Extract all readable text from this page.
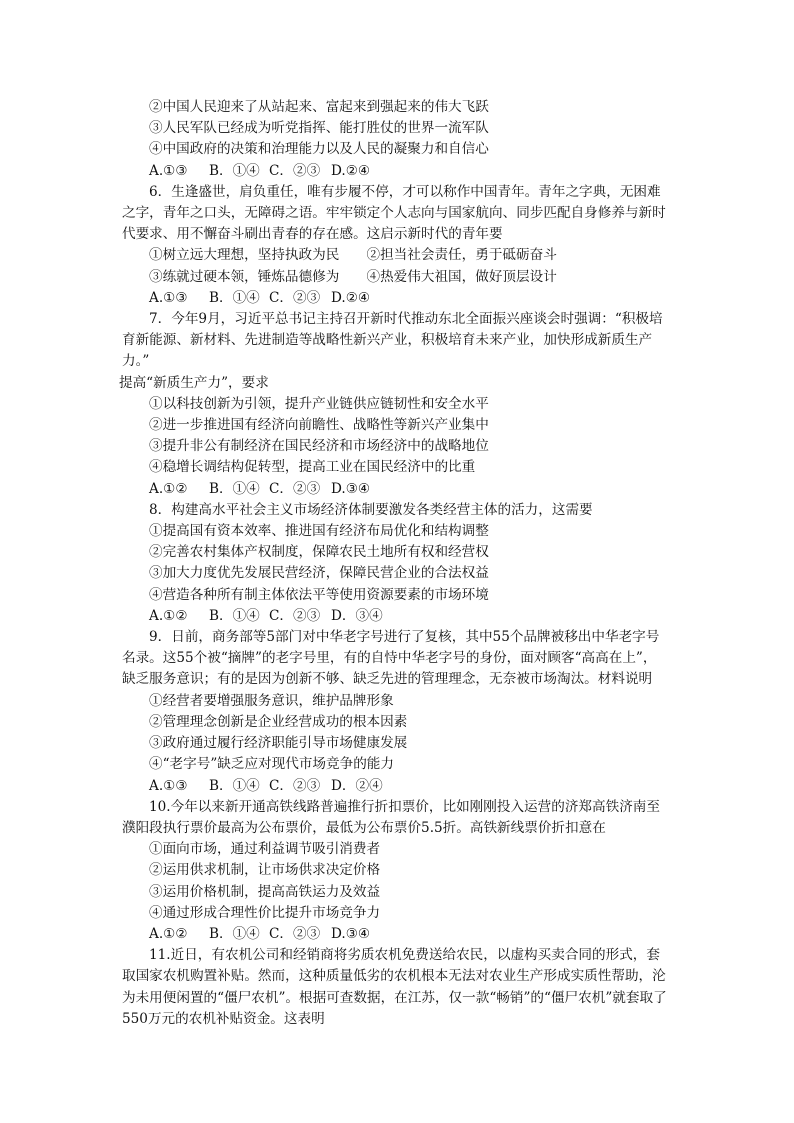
②中国人民迎来了从站起来、富起来到强起来的伟大飞跃
③人民军队已经成为听党指挥、能打胜仗的世界一流军队
④中国政府的决策和治理能力以及人民的凝聚力和自信心
A.①③ B．①④ C．②③ D.②④
6．生逢盛世，肩负重任，唯有步履不停，才可以称作中国青年。青年之字典，无困难
之字，青年之口头，无障碍之语。牢牢锁定个人志向与国家航向、同步匹配自身修养与新时
代要求、用不懈奋斗刷出青春的存在感。这启示新时代的青年要
①树立远大理想，坚持执政为民　　②担当社会责任，勇于砥砺奋斗
③练就过硬本领，锤炼品德修为　　④热爱伟大祖国，做好顶层设计
A.①③ B．①④ C．②③ D.②④
7．今年9月，习近平总书记主持召开新时代推动东北全面振兴座谈会时强调：“积极培
育新能源、新材料、先进制造等战略性新兴产业，积极培育未来产业，加快形成新质生产
力。”
提高“新质生产力”，要求
①以科技创新为引领，提升产业链供应链韧性和安全水平
②进一步推进国有经济向前瞻性、战略性等新兴产业集中
③提升非公有制经济在国民经济和市场经济中的战略地位
④稳增长调结构促转型，提高工业在国民经济中的比重
A.①② B．①④ C．②③ D.③④
8．构建高水平社会主义市场经济体制要激发各类经营主体的活力，这需要
①提高国有资本效率、推进国有经济布局优化和结构调整
②完善农村集体产权制度，保障农民土地所有权和经营权
③加大力度优先发展民营经济，保障民营企业的合法权益
④营造各种所有制主体依法平等使用资源要素的市场环境
A.①② B．①④ C．②③ D．③④
9．日前，商务部等5部门对中华老字号进行了复核，其中55个品牌被移出中华老字号
名录。这55个被“摘牌”的老字号里，有的自恃中华老字号的身份，面对顾客“高高在上”，
缺乏服务意识；有的是因为创新不够、缺乏先进的管理理念，无奈被市场淘汰。材料说明
①经营者要增强服务意识，维护品牌形象
②管理理念创新是企业经营成功的根本因素
③政府通过履行经济职能引导市场健康发展
④“老字号”缺乏应对现代市场竞争的能力
A.①③ B．①④ C．②③ D．②④
10.今年以来新开通高铁线路普遍推行折扣票价，比如刚刚投入运营的济郑高铁济南至
濮阳段执行票价最高为公布票价，最低为公布票价5.5折。高铁新线票价折扣意在
①面向市场，通过利益调节吸引消费者
②运用供求机制，让市场供求决定价格
③运用价格机制，提高高铁运力及效益
④通过形成合理性价比提升市场竞争力
A.①② B．①④ C．②③ D.③④
11.近日，有农机公司和经销商将劣质农机免费送给农民，以虚构买卖合同的形式，套
取国家农机购置补贴。然而，这种质量低劣的农机根本无法对农业生产形成实质性帮助，沦
为未用便闲置的“僵尸农机”。根据可查数据，在江苏，仅一款“畅销”的“僵尸农机”就套取了
550万元的农机补贴资金。这表明
